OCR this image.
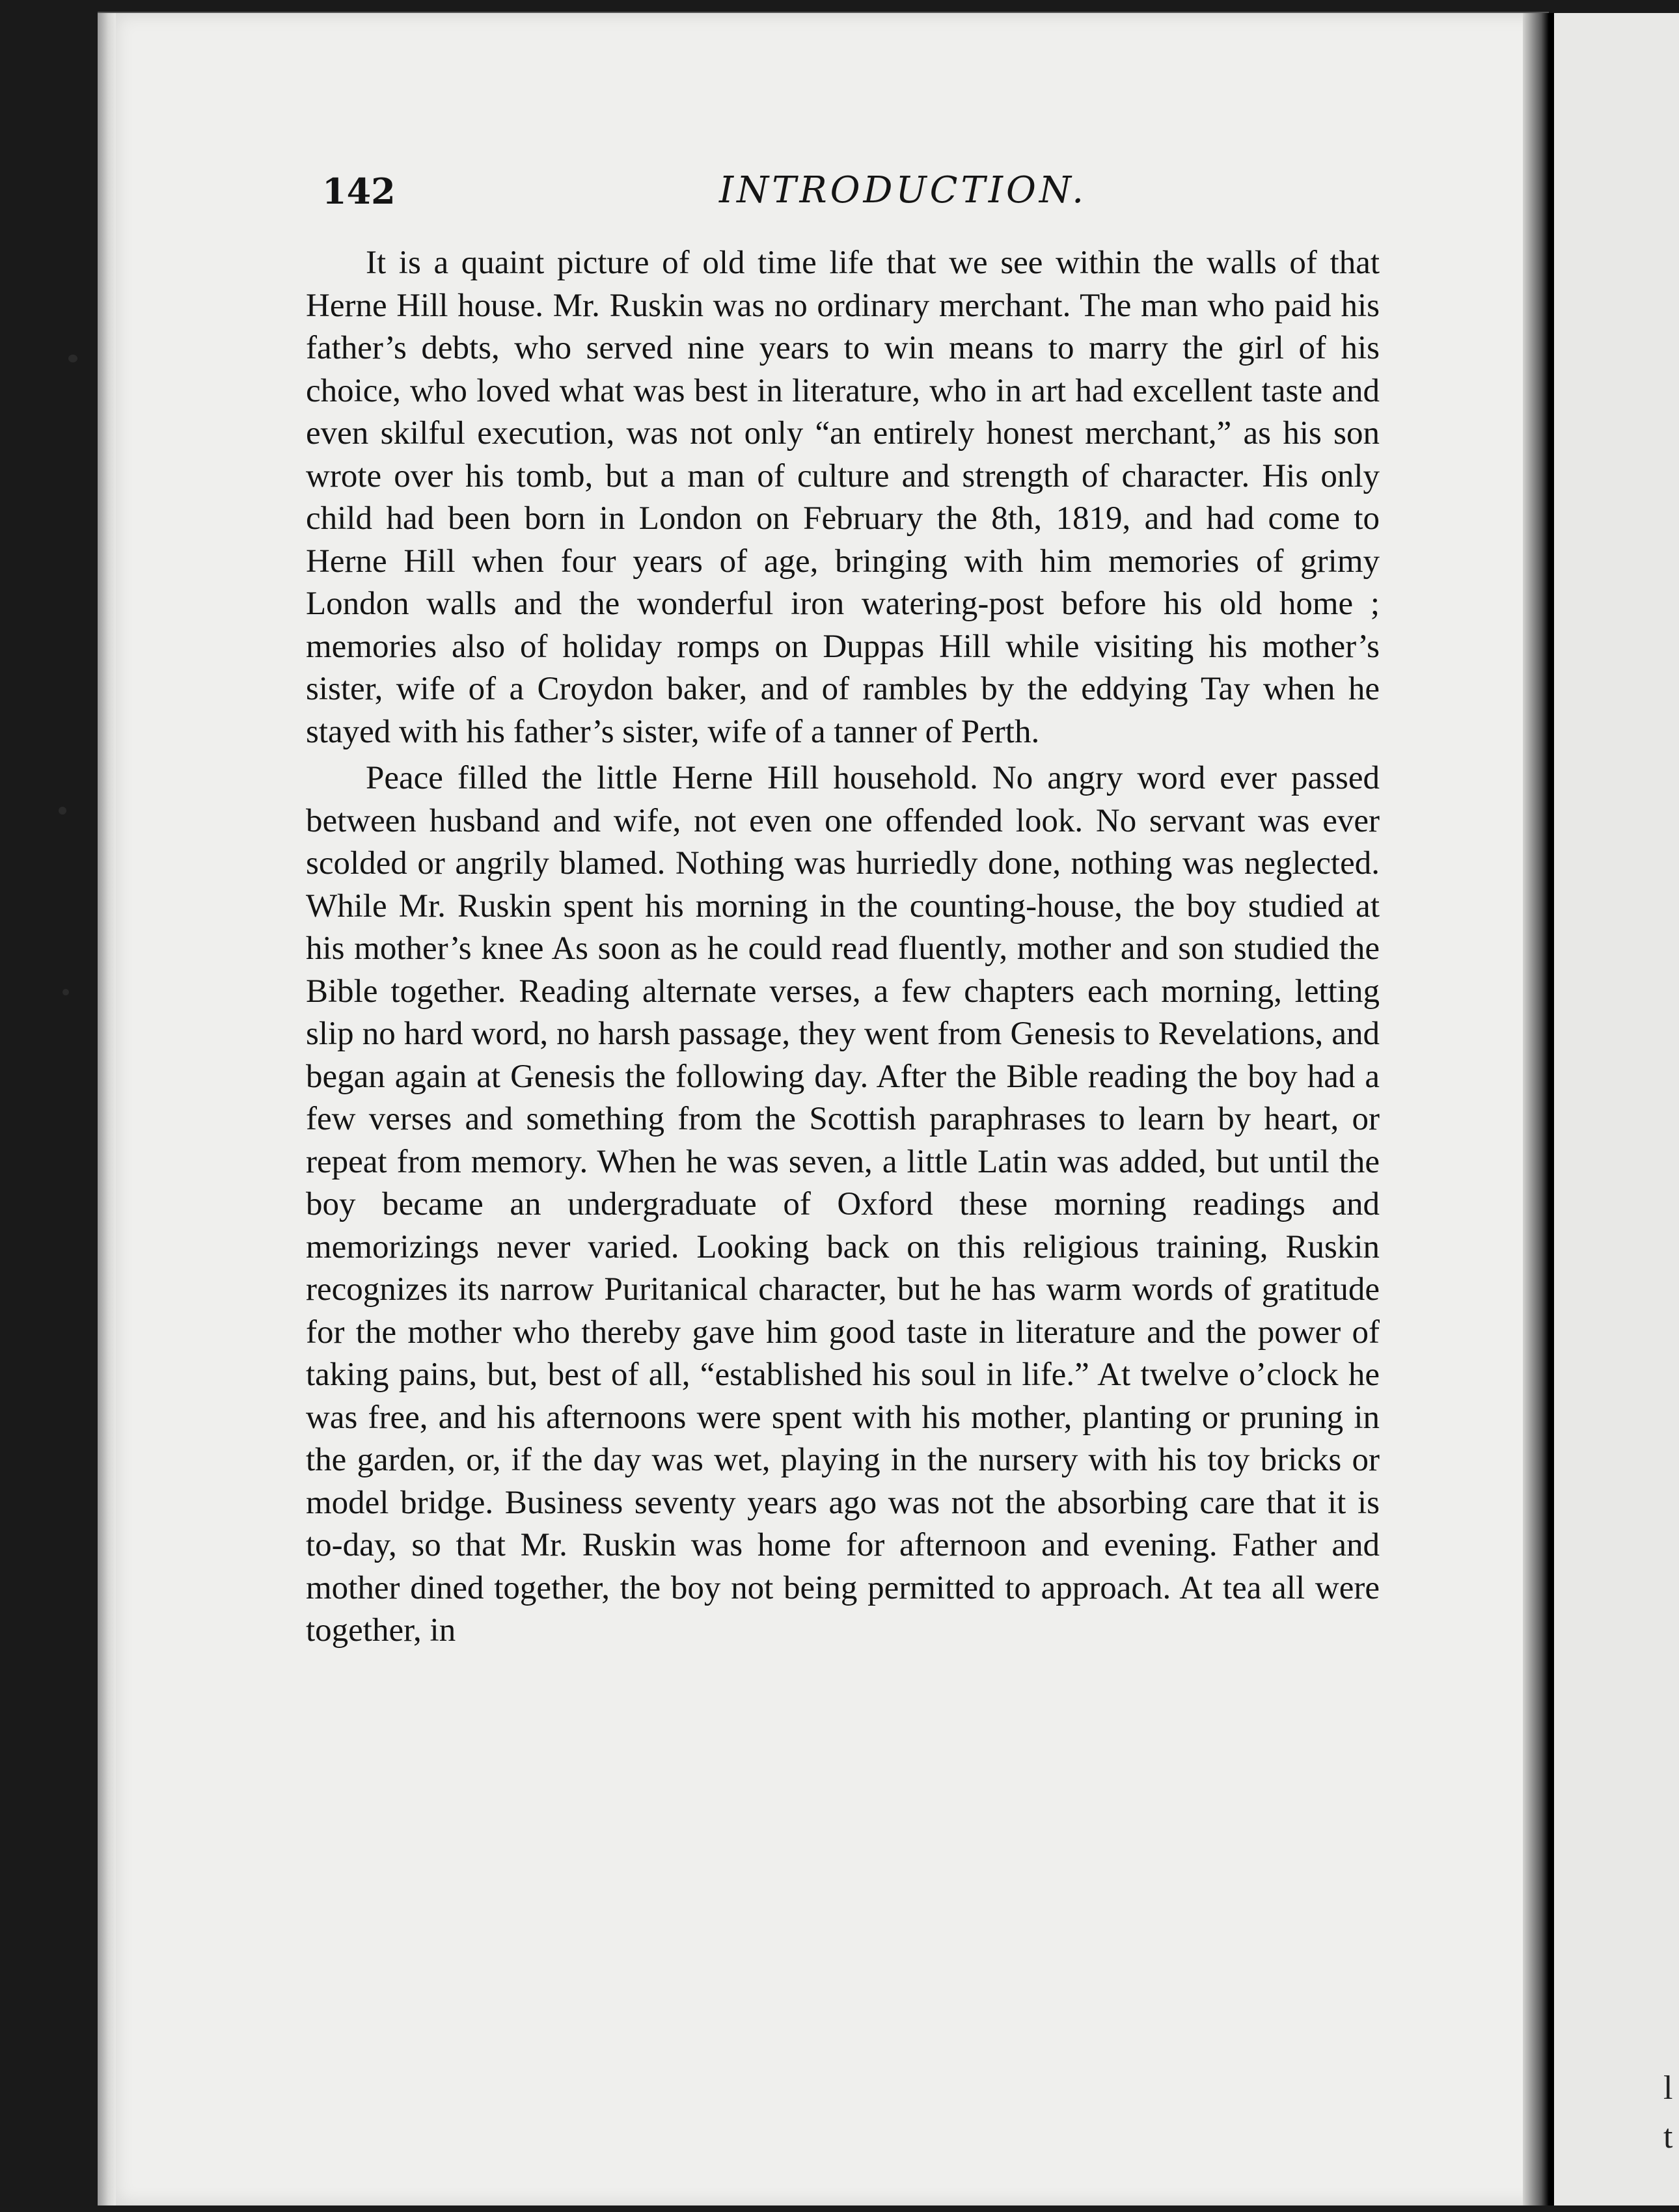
l
t
142	INTRODUCTION.

It is a quaint picture of old time life that we see within the walls of that Herne Hill house. Mr. Ruskin was no ordinary merchant. The man who paid his father’s debts, who served nine years to win means to marry the girl of his choice, who loved what was best in literature, who in art had excellent taste and even skilful execution, was not only “an entirely honest merchant,” as his son wrote over his tomb, but a man of culture and strength of character. His only child had been born in London on February the 8th, 1819, and had come to Herne Hill when four years of age, bringing with him memories of grimy London walls and the wonderful iron watering-post before his old home ; memories also of holiday romps on Duppas Hill while visiting his mother’s sister, wife of a Croydon baker, and of rambles by the eddying Tay when he stayed with his father’s sister, wife of a tanner of Perth.

Peace filled the little Herne Hill household. No angry word ever passed between husband and wife, not even one offended look. No servant was ever scolded or angrily blamed. Nothing was hurriedly done, nothing was neglected. While Mr. Ruskin spent his morning in the counting-house, the boy studied at his mother’s knee As soon as he could read fluently, mother and son studied the Bible together. Reading alternate verses, a few chapters each morning, letting slip no hard word, no harsh passage, they went from Genesis to Revelations, and began again at Genesis the following day. After the Bible reading the boy had a few verses and something from the Scottish paraphrases to learn by heart, or repeat from memory. When he was seven, a little Latin was added, but until the boy became an undergraduate of Oxford these morning readings and memorizings never varied. Looking back on this religious training, Ruskin recognizes its narrow Puritanical character, but he has warm words of gratitude for the mother who thereby gave him good taste in literature and the power of taking pains, but, best of all, “established his soul in life.” At twelve o’clock he was free, and his afternoons were spent with his mother, planting or pruning in the garden, or, if the day was wet, playing in the nursery with his toy bricks or model bridge. Business seventy years ago was not the absorbing care that it is to-day, so that Mr. Ruskin was home for afternoon and evening. Father and mother dined together, the boy not being permitted to approach. At tea all were together, in
